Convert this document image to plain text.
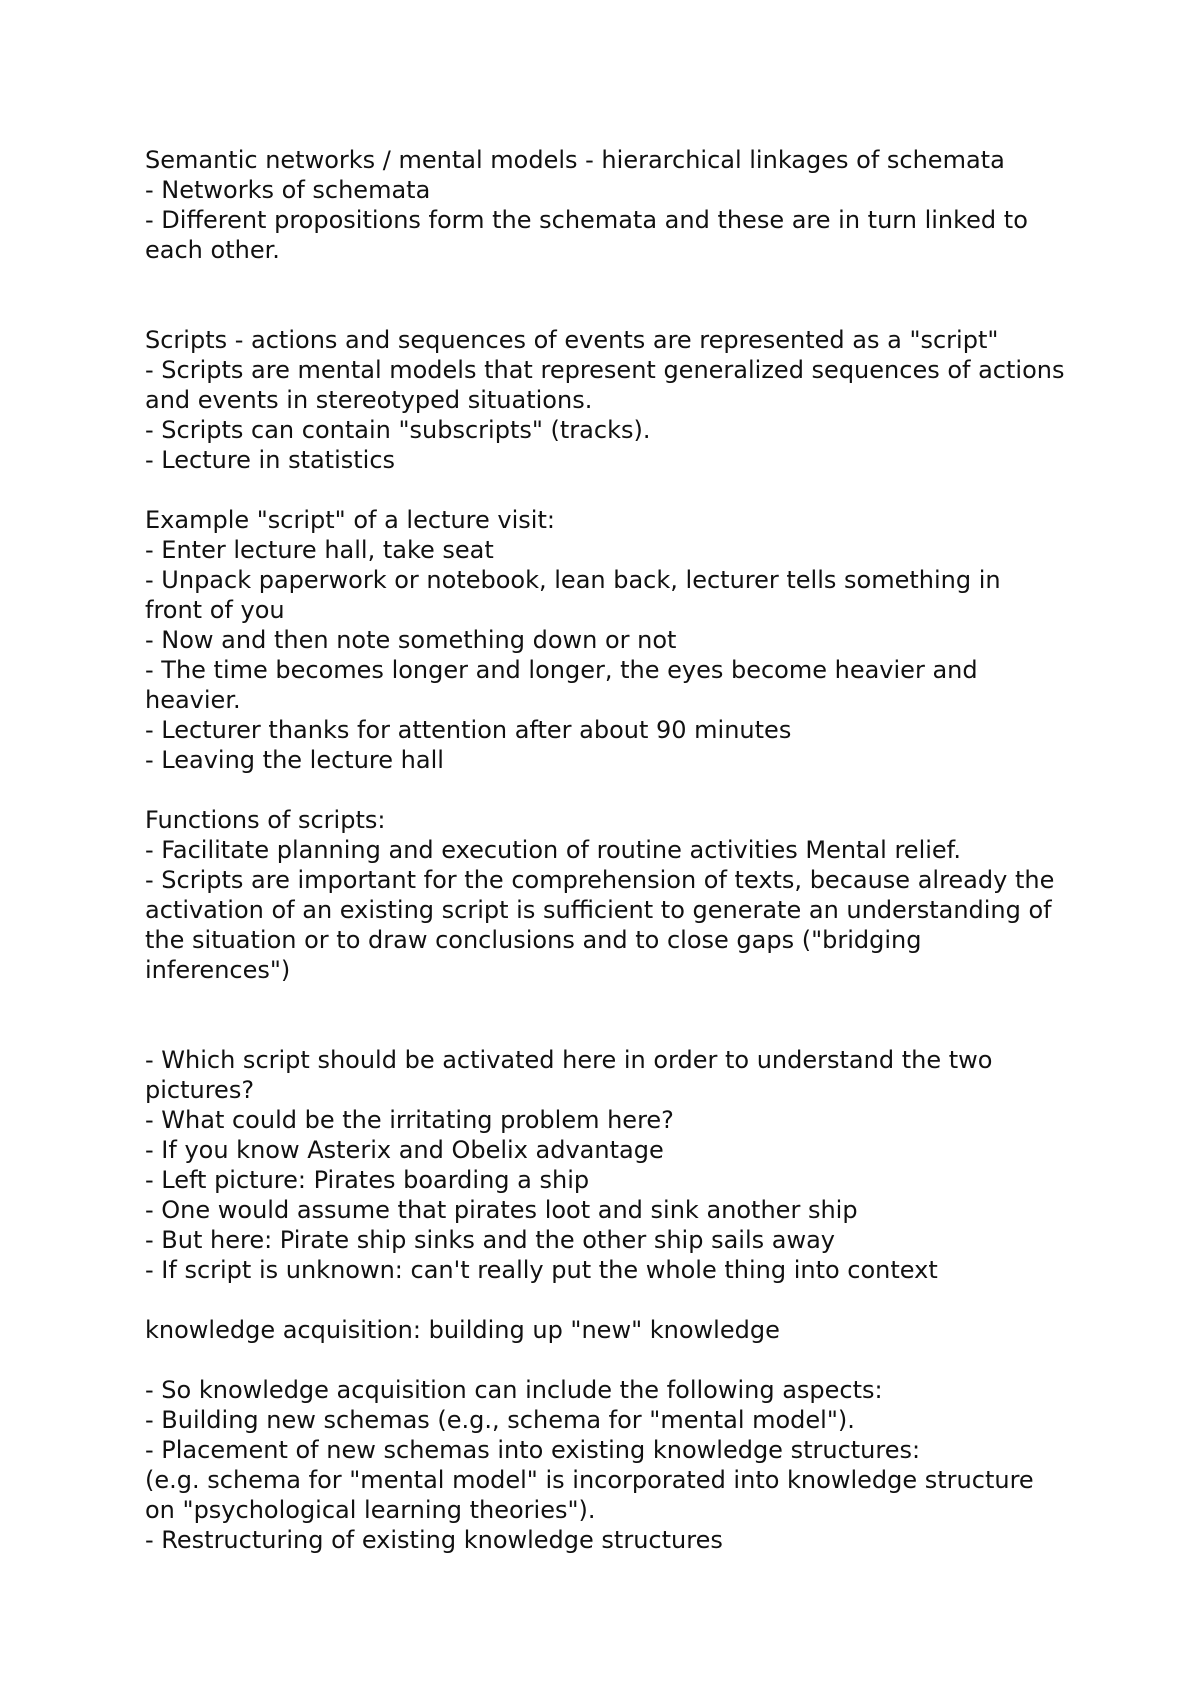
Semantic networks / mental models - hierarchical linkages of schemata
- Networks of schemata
- Different propositions form the schemata and these are in turn linked to each other.
Scripts - actions and sequences of events are represented as a "script"
- Scripts are mental models that represent generalized sequences of actions and events in stereotyped situations.
- Scripts can contain "subscripts" (tracks).
- Lecture in statistics
Example "script" of a lecture visit:
- Enter lecture hall, take seat
- Unpack paperwork or notebook, lean back, lecturer tells something in front of you
- Now and then note something down or not
- The time becomes longer and longer, the eyes become heavier and heavier.
- Lecturer thanks for attention after about 90 minutes
- Leaving the lecture hall
Functions of scripts:
- Facilitate planning and execution of routine activities Mental relief.
- Scripts are important for the comprehension of texts, because already the activation of an existing script is sufficient to generate an understanding of the situation or to draw conclusions and to close gaps ("bridging inferences")
- Which script should be activated here in order to understand the two pictures?
- What could be the irritating problem here?
- If you know Asterix and Obelix advantage
- Left picture: Pirates boarding a ship
- One would assume that pirates loot and sink another ship
- But here: Pirate ship sinks and the other ship sails away
- If script is unknown: can't really put the whole thing into context
knowledge acquisition: building up "new" knowledge
- So knowledge acquisition can include the following aspects:
- Building new schemas (e.g., schema for "mental model").
- Placement of new schemas into existing knowledge structures:
(e.g. schema for "mental model" is incorporated into knowledge structure on "psychological learning theories").
- Restructuring of existing knowledge structures
